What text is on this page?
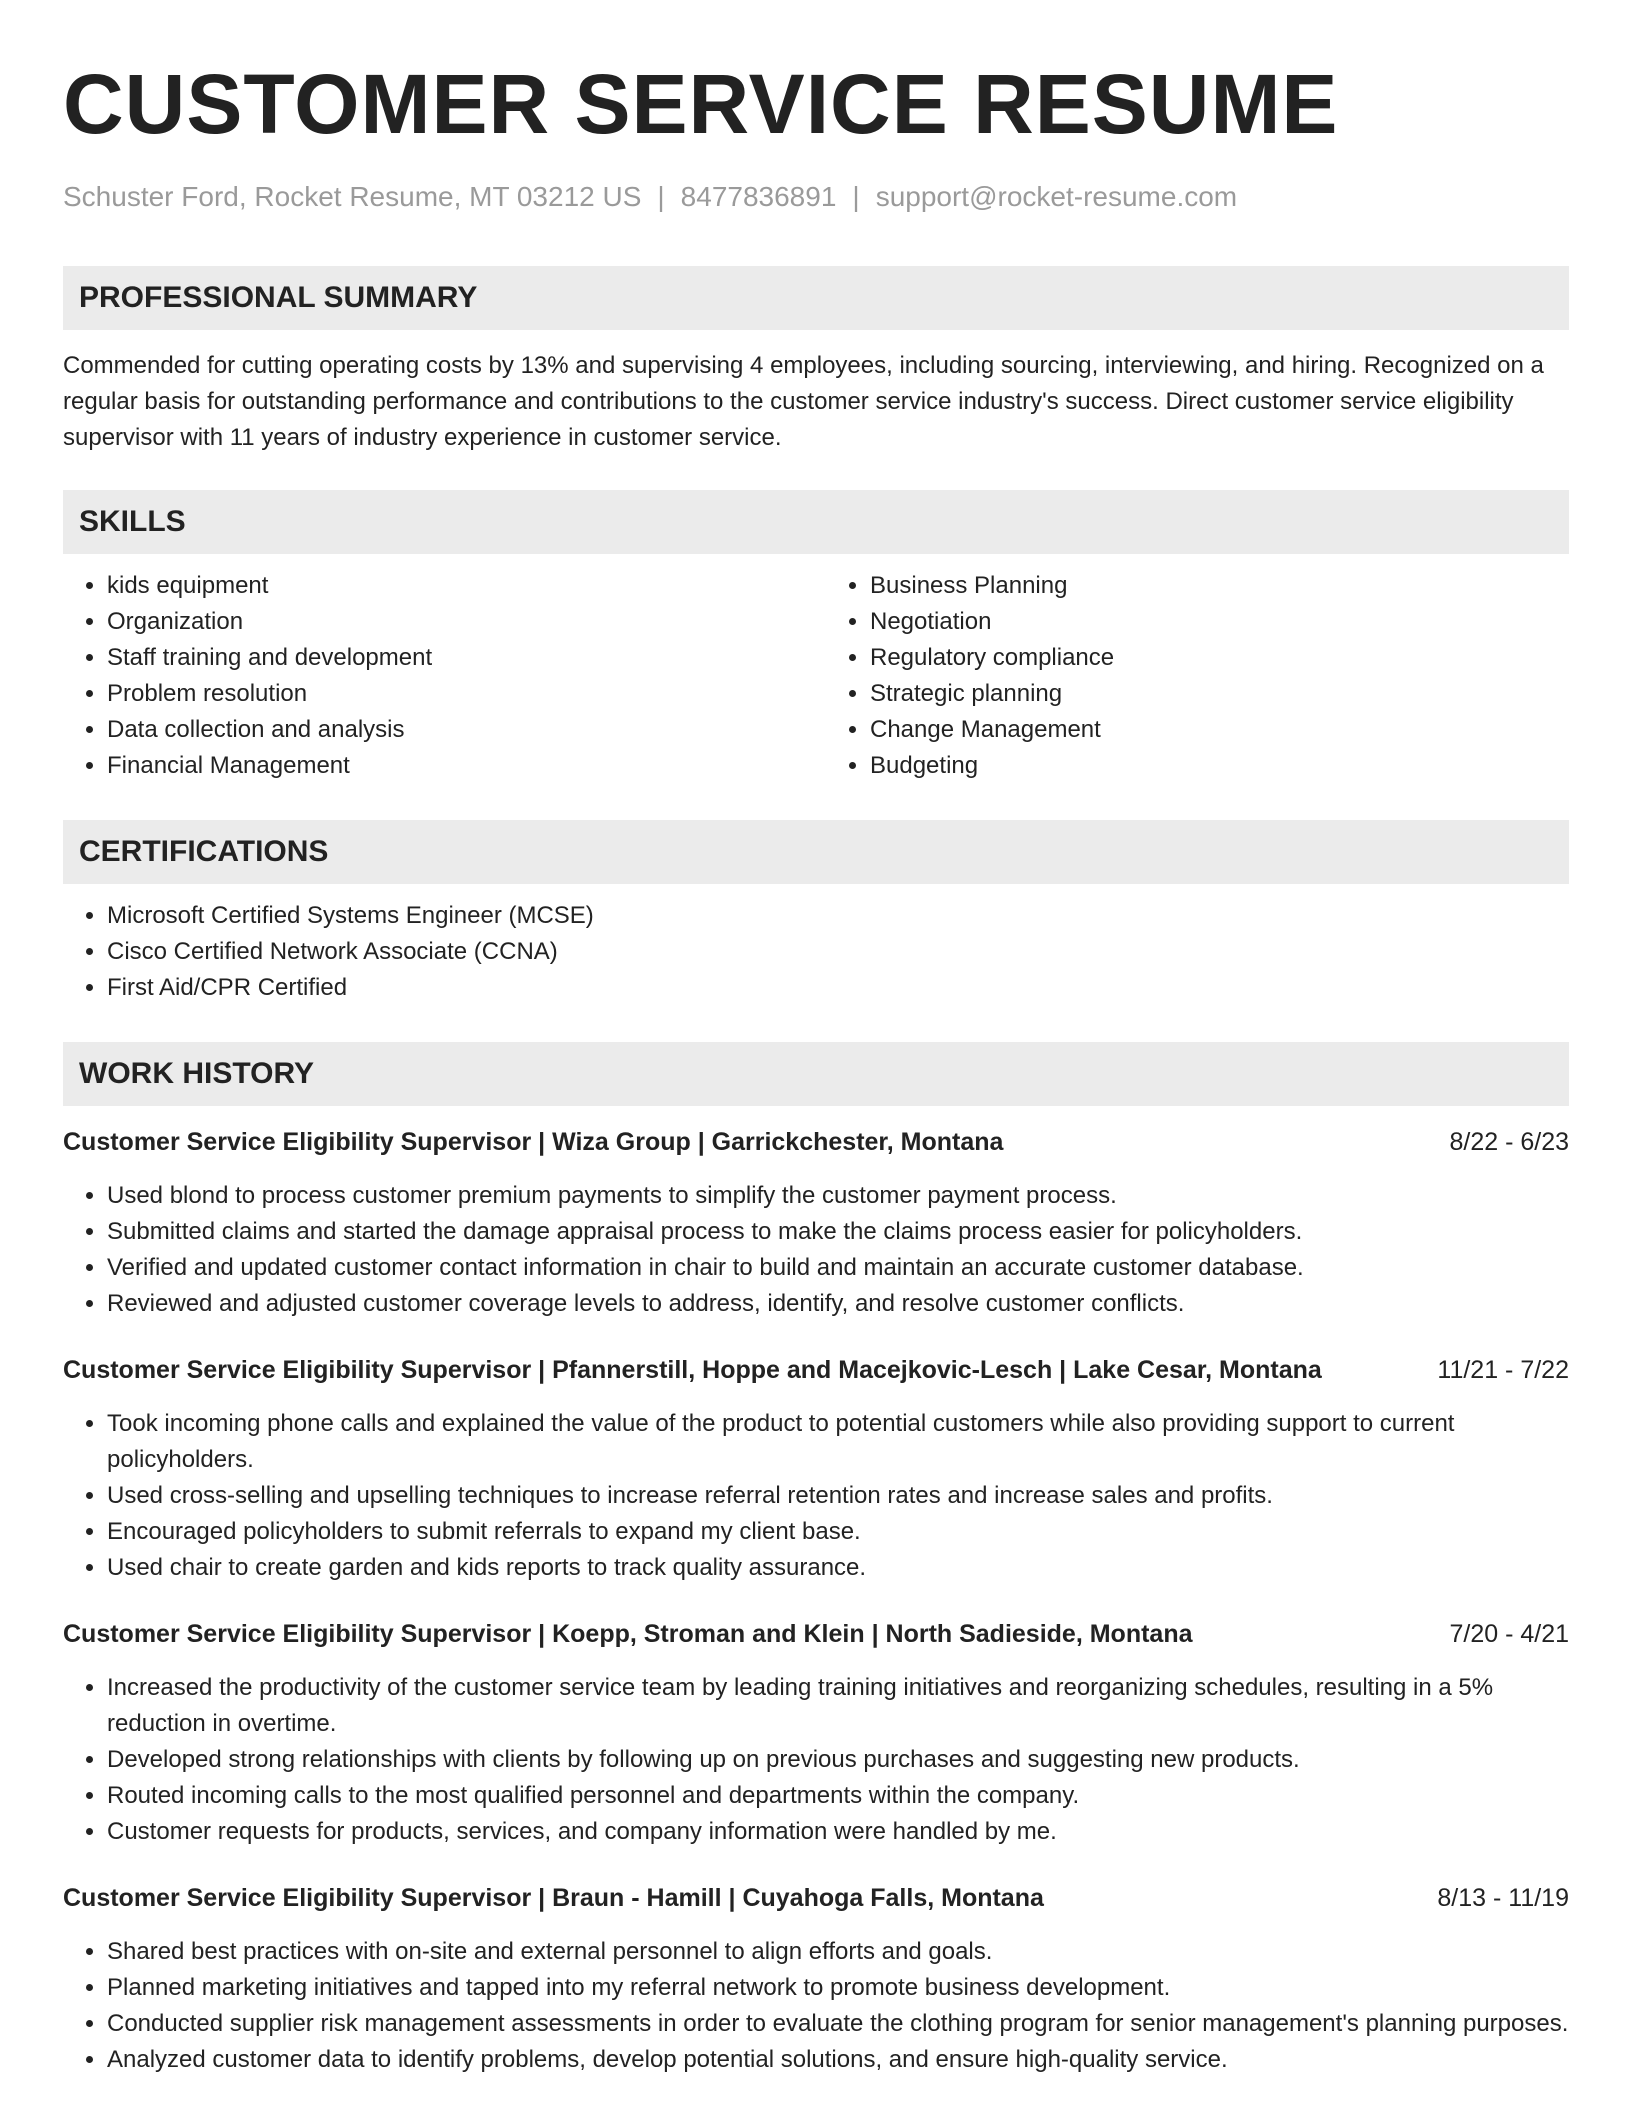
CUSTOMER SERVICE RESUME
Schuster Ford, Rocket Resume, MT 03212 US | 8477836891 | support@rocket-resume.com
PROFESSIONAL SUMMARY

Commended for cutting operating costs by 13% and supervising 4 employees, including sourcing, interviewing, and hiring. Recognized on a regular basis for outstanding performance and contributions to the customer service industry's success. Direct customer service eligibility supervisor with 11 years of industry experience in customer service.

SKILLS
• kids equipment
• Organization
• Staff training and development
• Problem resolution
• Data collection and analysis
• Financial Management
• Business Planning
• Negotiation
• Regulatory compliance
• Strategic planning
• Change Management
• Budgeting
CERTIFICATIONS
• Microsoft Certified Systems Engineer (MCSE)
• Cisco Certified Network Associate (CCNA)
• First Aid/CPR Certified
WORK HISTORY
Customer Service Eligibility Supervisor | Wiza Group | Garrickchester, Montana	8/22 - 6/23
• Used blond to process customer premium payments to simplify the customer payment process.
• Submitted claims and started the damage appraisal process to make the claims process easier for policyholders.
• Verified and updated customer contact information in chair to build and maintain an accurate customer database.
• Reviewed and adjusted customer coverage levels to address, identify, and resolve customer conflicts.
Customer Service Eligibility Supervisor | Pfannerstill, Hoppe and Macejkovic-Lesch | Lake Cesar, Montana	11/21 - 7/22
• Took incoming phone calls and explained the value of the product to potential customers while also providing support to current policyholders.
• Used cross-selling and upselling techniques to increase referral retention rates and increase sales and profits.
• Encouraged policyholders to submit referrals to expand my client base.
• Used chair to create garden and kids reports to track quality assurance.
Customer Service Eligibility Supervisor | Koepp, Stroman and Klein | North Sadieside, Montana	7/20 - 4/21
• Increased the productivity of the customer service team by leading training initiatives and reorganizing schedules, resulting in a 5% reduction in overtime.
• Developed strong relationships with clients by following up on previous purchases and suggesting new products.
• Routed incoming calls to the most qualified personnel and departments within the company.
• Customer requests for products, services, and company information were handled by me.
Customer Service Eligibility Supervisor | Braun - Hamill | Cuyahoga Falls, Montana	8/13 - 11/19
• Shared best practices with on-site and external personnel to align efforts and goals.
• Planned marketing initiatives and tapped into my referral network to promote business development.
• Conducted supplier risk management assessments in order to evaluate the clothing program for senior management's planning purposes.
• Analyzed customer data to identify problems, develop potential solutions, and ensure high-quality service.
